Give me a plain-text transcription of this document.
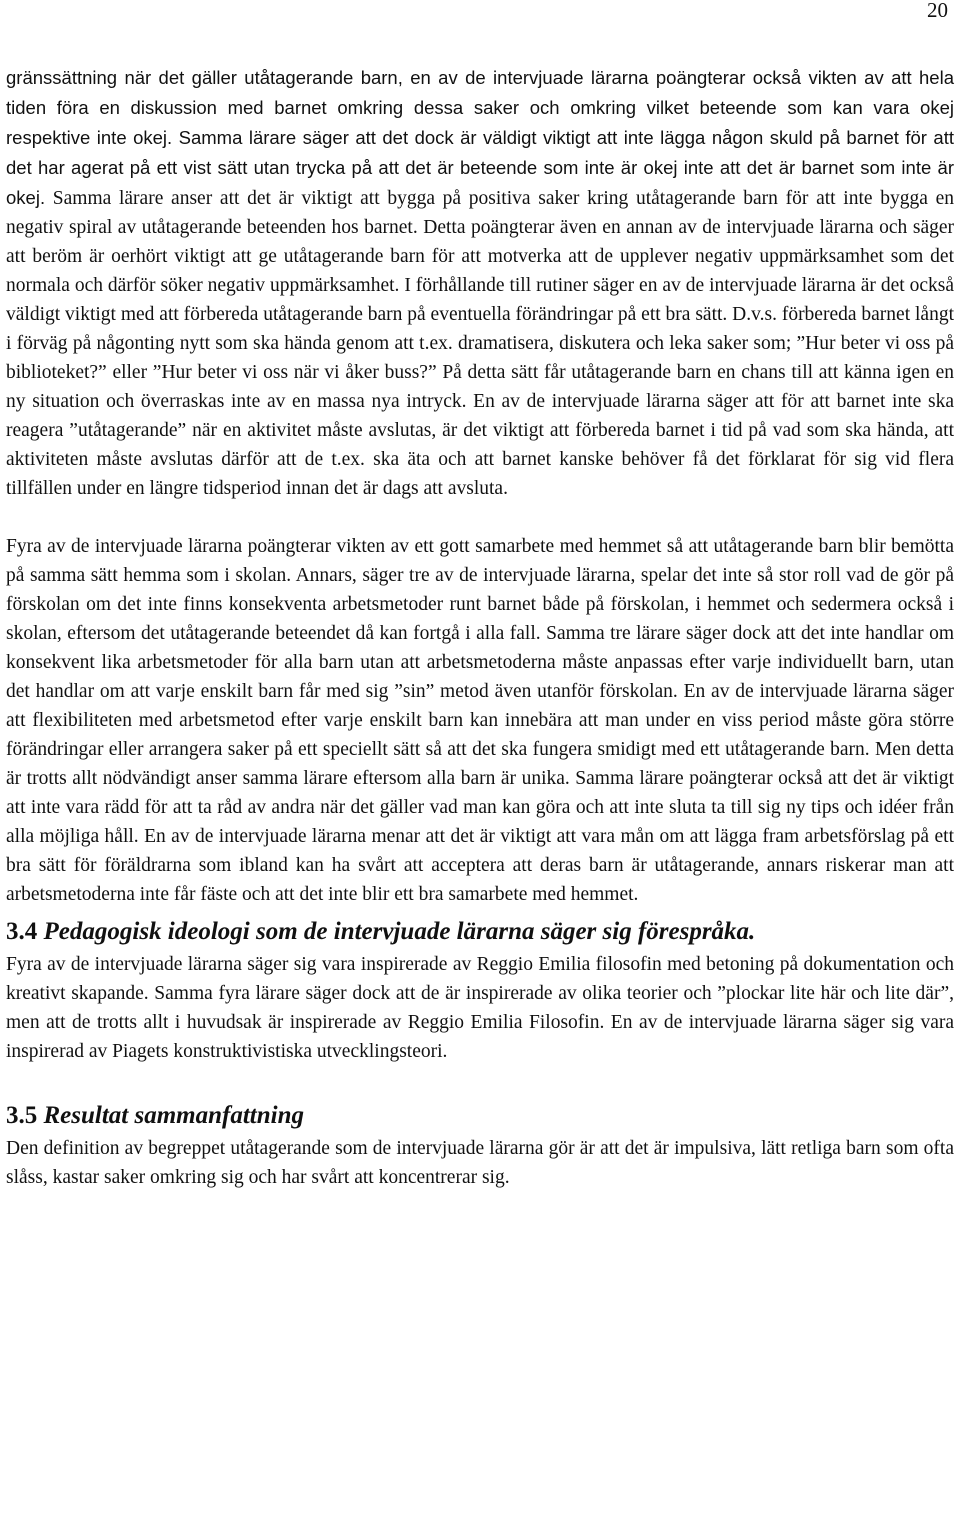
20

gränssättning när det gäller utåtagerande barn, en av de intervjuade lärarna poängterar också vikten av att hela tiden föra en diskussion med barnet omkring dessa saker och omkring vilket beteende som kan vara okej respektive inte okej. Samma lärare säger att det dock är väldigt viktigt att inte lägga någon skuld på barnet för att det har agerat på ett vist sätt utan trycka på att det är beteende som inte är okej inte att det är barnet som inte är okej. Samma lärare anser att det är viktigt att bygga på positiva saker kring utåtagerande barn för att inte bygga en negativ spiral av utåtagerande beteenden hos barnet. Detta poängterar även en annan av de intervjuade lärarna och säger att beröm är oerhört viktigt att ge utåtagerande barn för att motverka att de upplever negativ uppmärksamhet som det normala och därför söker negativ uppmärksamhet. I förhållande till rutiner säger en av de intervjuade lärarna är det också väldigt viktigt med att förbereda utåtagerande barn på eventuella förändringar på ett bra sätt. D.v.s. förbereda barnet långt i förväg på någonting nytt som ska hända genom att t.ex. dramatisera, diskutera och leka saker som; ”Hur beter vi oss på biblioteket?” eller ”Hur beter vi oss när vi åker buss?” På detta sätt får utåtagerande barn en chans till att känna igen en ny situation och överraskas inte av en massa nya intryck. En av de intervjuade lärarna säger att för att barnet inte ska reagera ”utåtagerande” när en aktivitet måste avslutas, är det viktigt att förbereda barnet i tid på vad som ska hända, att aktiviteten måste avslutas därför att de t.ex. ska äta och att barnet kanske behöver få det förklarat för sig vid flera tillfällen under en längre tidsperiod innan det är dags att avsluta.

Fyra av de intervjuade lärarna poängterar vikten av ett gott samarbete med hemmet så att utåtagerande barn blir bemötta på samma sätt hemma som i skolan. Annars, säger tre av de intervjuade lärarna, spelar det inte så stor roll vad de gör på förskolan om det inte finns konsekventa arbetsmetoder runt barnet både på förskolan, i hemmet och sedermera också i skolan, eftersom det utåtagerande beteendet då kan fortgå i alla fall. Samma tre lärare säger dock att det inte handlar om konsekvent lika arbetsmetoder för alla barn utan att arbetsmetoderna måste anpassas efter varje individuellt barn, utan det handlar om att varje enskilt barn får med sig ”sin” metod även utanför förskolan. En av de intervjuade lärarna säger att flexibiliteten med arbetsmetod efter varje enskilt barn kan innebära att man under en viss period måste göra större förändringar eller arrangera saker på ett speciellt sätt så att det ska fungera smidigt med ett utåtagerande barn. Men detta är trotts allt nödvändigt anser samma lärare eftersom alla barn är unika. Samma lärare poängterar också att det är viktigt att inte vara rädd för att ta råd av andra när det gäller vad man kan göra och att inte sluta ta till sig ny tips och idéer från alla möjliga håll. En av de intervjuade lärarna menar att det är viktigt att vara mån om att lägga fram arbetsförslag på ett bra sätt för föräldrarna som ibland kan ha svårt att acceptera att deras barn är utåtagerande, annars riskerar man att arbetsmetoderna inte får fäste och att det inte blir ett bra samarbete med hemmet.

3.4 Pedagogisk ideologi som de intervjuade lärarna säger sig förespråka.

Fyra av de intervjuade lärarna säger sig vara inspirerade av Reggio Emilia filosofin med betoning på dokumentation och kreativt skapande. Samma fyra lärare säger dock att de är inspirerade av olika teorier och ”plockar lite här och lite där”, men att de trotts allt i huvudsak är inspirerade av Reggio Emilia Filosofin. En av de intervjuade lärarna säger sig vara inspirerad av Piagets konstruktivistiska utvecklingsteori.

3.5 Resultat sammanfattning

Den definition av begreppet utåtagerande som de intervjuade lärarna gör är att det är impulsiva, lätt retliga barn som ofta slåss, kastar saker omkring sig och har svårt att koncentrerar sig.
